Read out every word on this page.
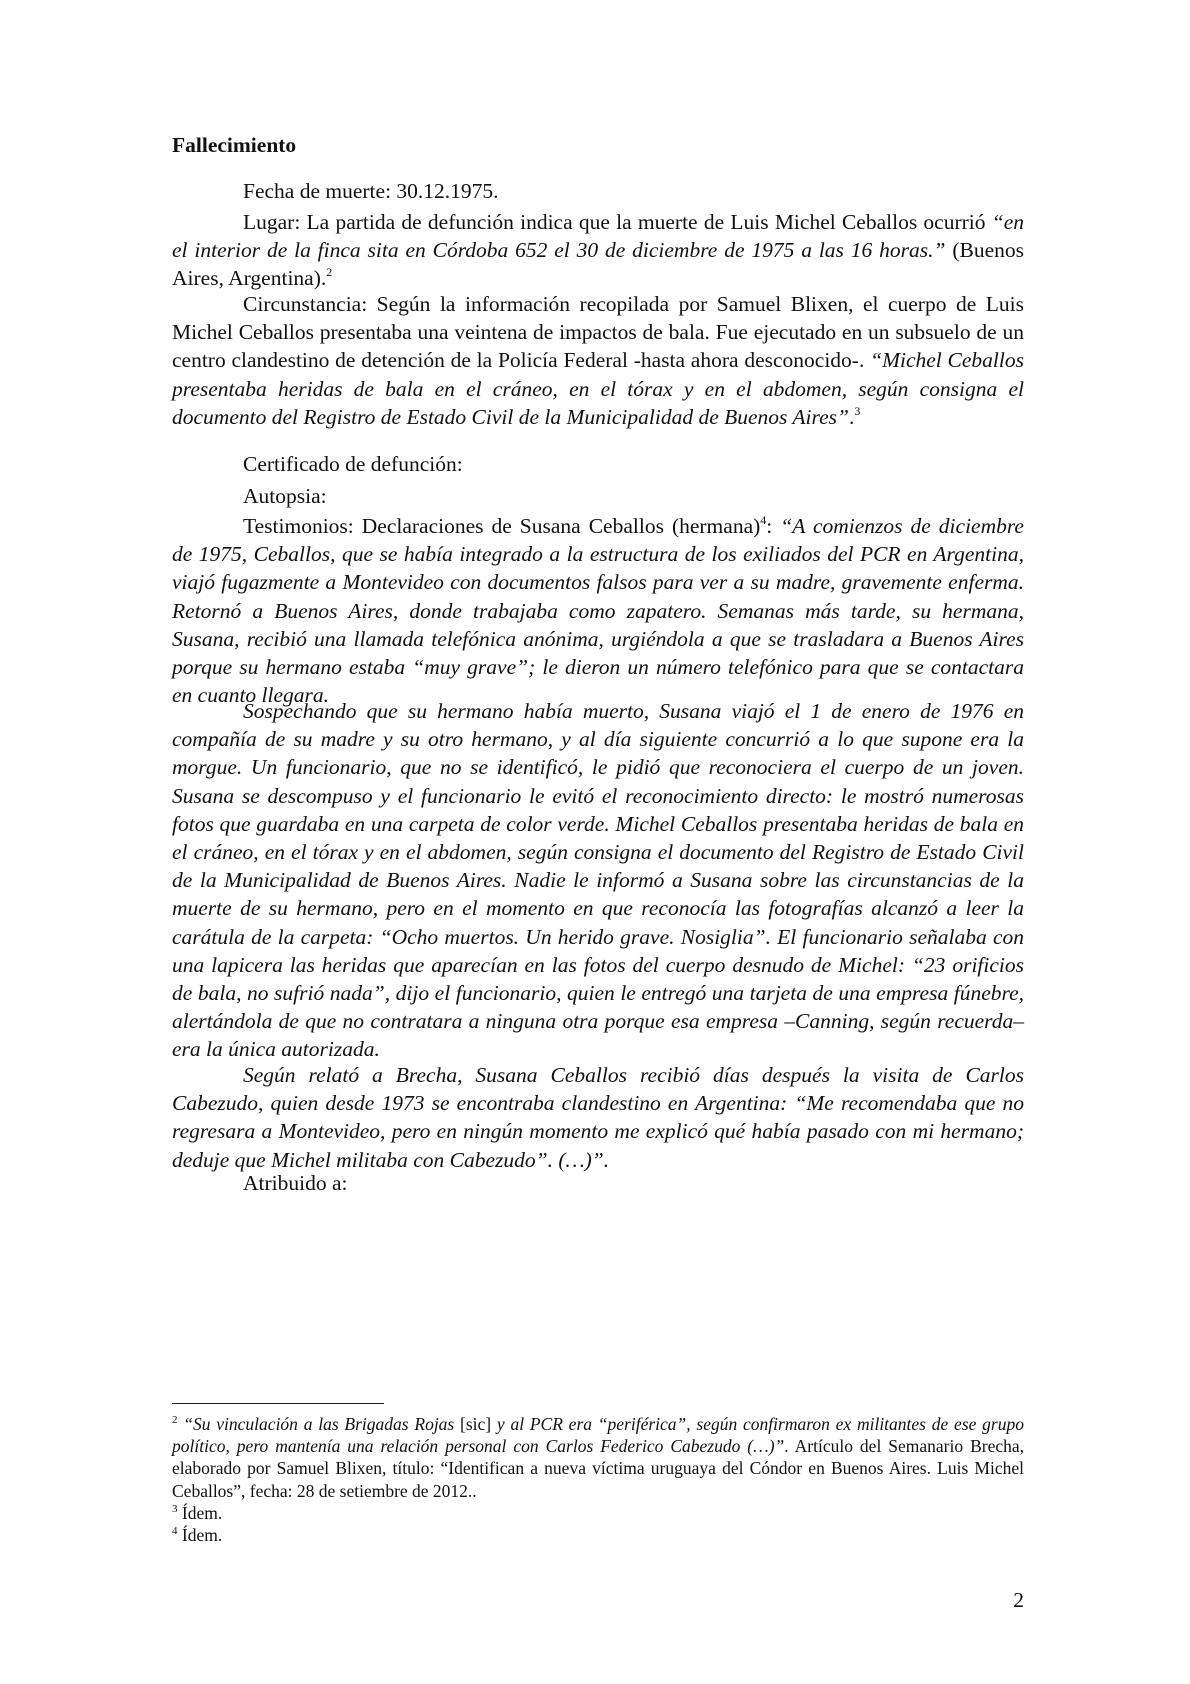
Fallecimiento
Fecha de muerte: 30.12.1975.
Lugar: La partida de defunción indica que la muerte de Luis Michel Ceballos ocurrió “en el interior de la finca sita en Córdoba 652 el 30 de diciembre de 1975 a las 16 horas.” (Buenos Aires, Argentina).$^2$
Circunstancia: Según la información recopilada por Samuel Blixen, el cuerpo de Luis Michel Ceballos presentaba una veintena de impactos de bala. Fue ejecutado en un subsuelo de un centro clandestino de detención de la Policía Federal -hasta ahora desconocido-. “Michel Ceballos presentaba heridas de bala en el cráneo, en el tórax y en el abdomen, según consigna el documento del Registro de Estado Civil de la Municipalidad de Buenos Aires”.$^3$
Certificado de defunción:
Autopsia:
Testimonios: Declaraciones de Susana Ceballos (hermana)$^4$: “A comienzos de diciembre de 1975, Ceballos, que se había integrado a la estructura de los exiliados del PCR en Argentina, viajó fugazmente a Montevideo con documentos falsos para ver a su madre, gravemente enferma. Retornó a Buenos Aires, donde trabajaba como zapatero. Semanas más tarde, su hermana, Susana, recibió una llamada telefónica anónima, urgiéndola a que se trasladara a Buenos Aires porque su hermano estaba “muy grave”; le dieron un número telefónico para que se contactara en cuanto llegara.
Sospechando que su hermano había muerto, Susana viajó el 1 de enero de 1976 en compañía de su madre y su otro hermano, y al día siguiente concurrió a lo que supone era la morgue. Un funcionario, que no se identificó, le pidió que reconociera el cuerpo de un joven. Susana se descompuso y el funcionario le evitó el reconocimiento directo: le mostró numerosas fotos que guardaba en una carpeta de color verde. Michel Ceballos presentaba heridas de bala en el cráneo, en el tórax y en el abdomen, según consigna el documento del Registro de Estado Civil de la Municipalidad de Buenos Aires. Nadie le informó a Susana sobre las circunstancias de la muerte de su hermano, pero en el momento en que reconocía las fotografías alcanzó a leer la carátula de la carpeta: “Ocho muertos. Un herido grave. Nosiglia”. El funcionario señalaba con una lapicera las heridas que aparecían en las fotos del cuerpo desnudo de Michel: “23 orificios de bala, no sufrió nada”, dijo el funcionario, quien le entregó una tarjeta de una empresa fúnebre, alertándola de que no contratara a ninguna otra porque esa empresa –Canning, según recuerda– era la única autorizada.
Según relató a Brecha, Susana Ceballos recibió días después la visita de Carlos Cabezudo, quien desde 1973 se encontraba clandestino en Argentina: “Me recomendaba que no regresara a Montevideo, pero en ningún momento me explicó qué había pasado con mi hermano; deduje que Michel militaba con Cabezudo”. (…)”.
Atribuido a:
$^2$ “Su vinculación a las Brigadas Rojas [sic] y al PCR era “periférica”, según confirmaron ex militantes de ese grupo político, pero mantenía una relación personal con Carlos Federico Cabezudo (…)”. Artículo del Semanario Brecha, elaborado por Samuel Blixen, título: “Identifican a nueva víctima uruguaya del Cóndor en Buenos Aires. Luis Michel Ceballos”, fecha: 28 de setiembre de 2012..
$^3$ Ídem.
$^4$ Ídem.
2
